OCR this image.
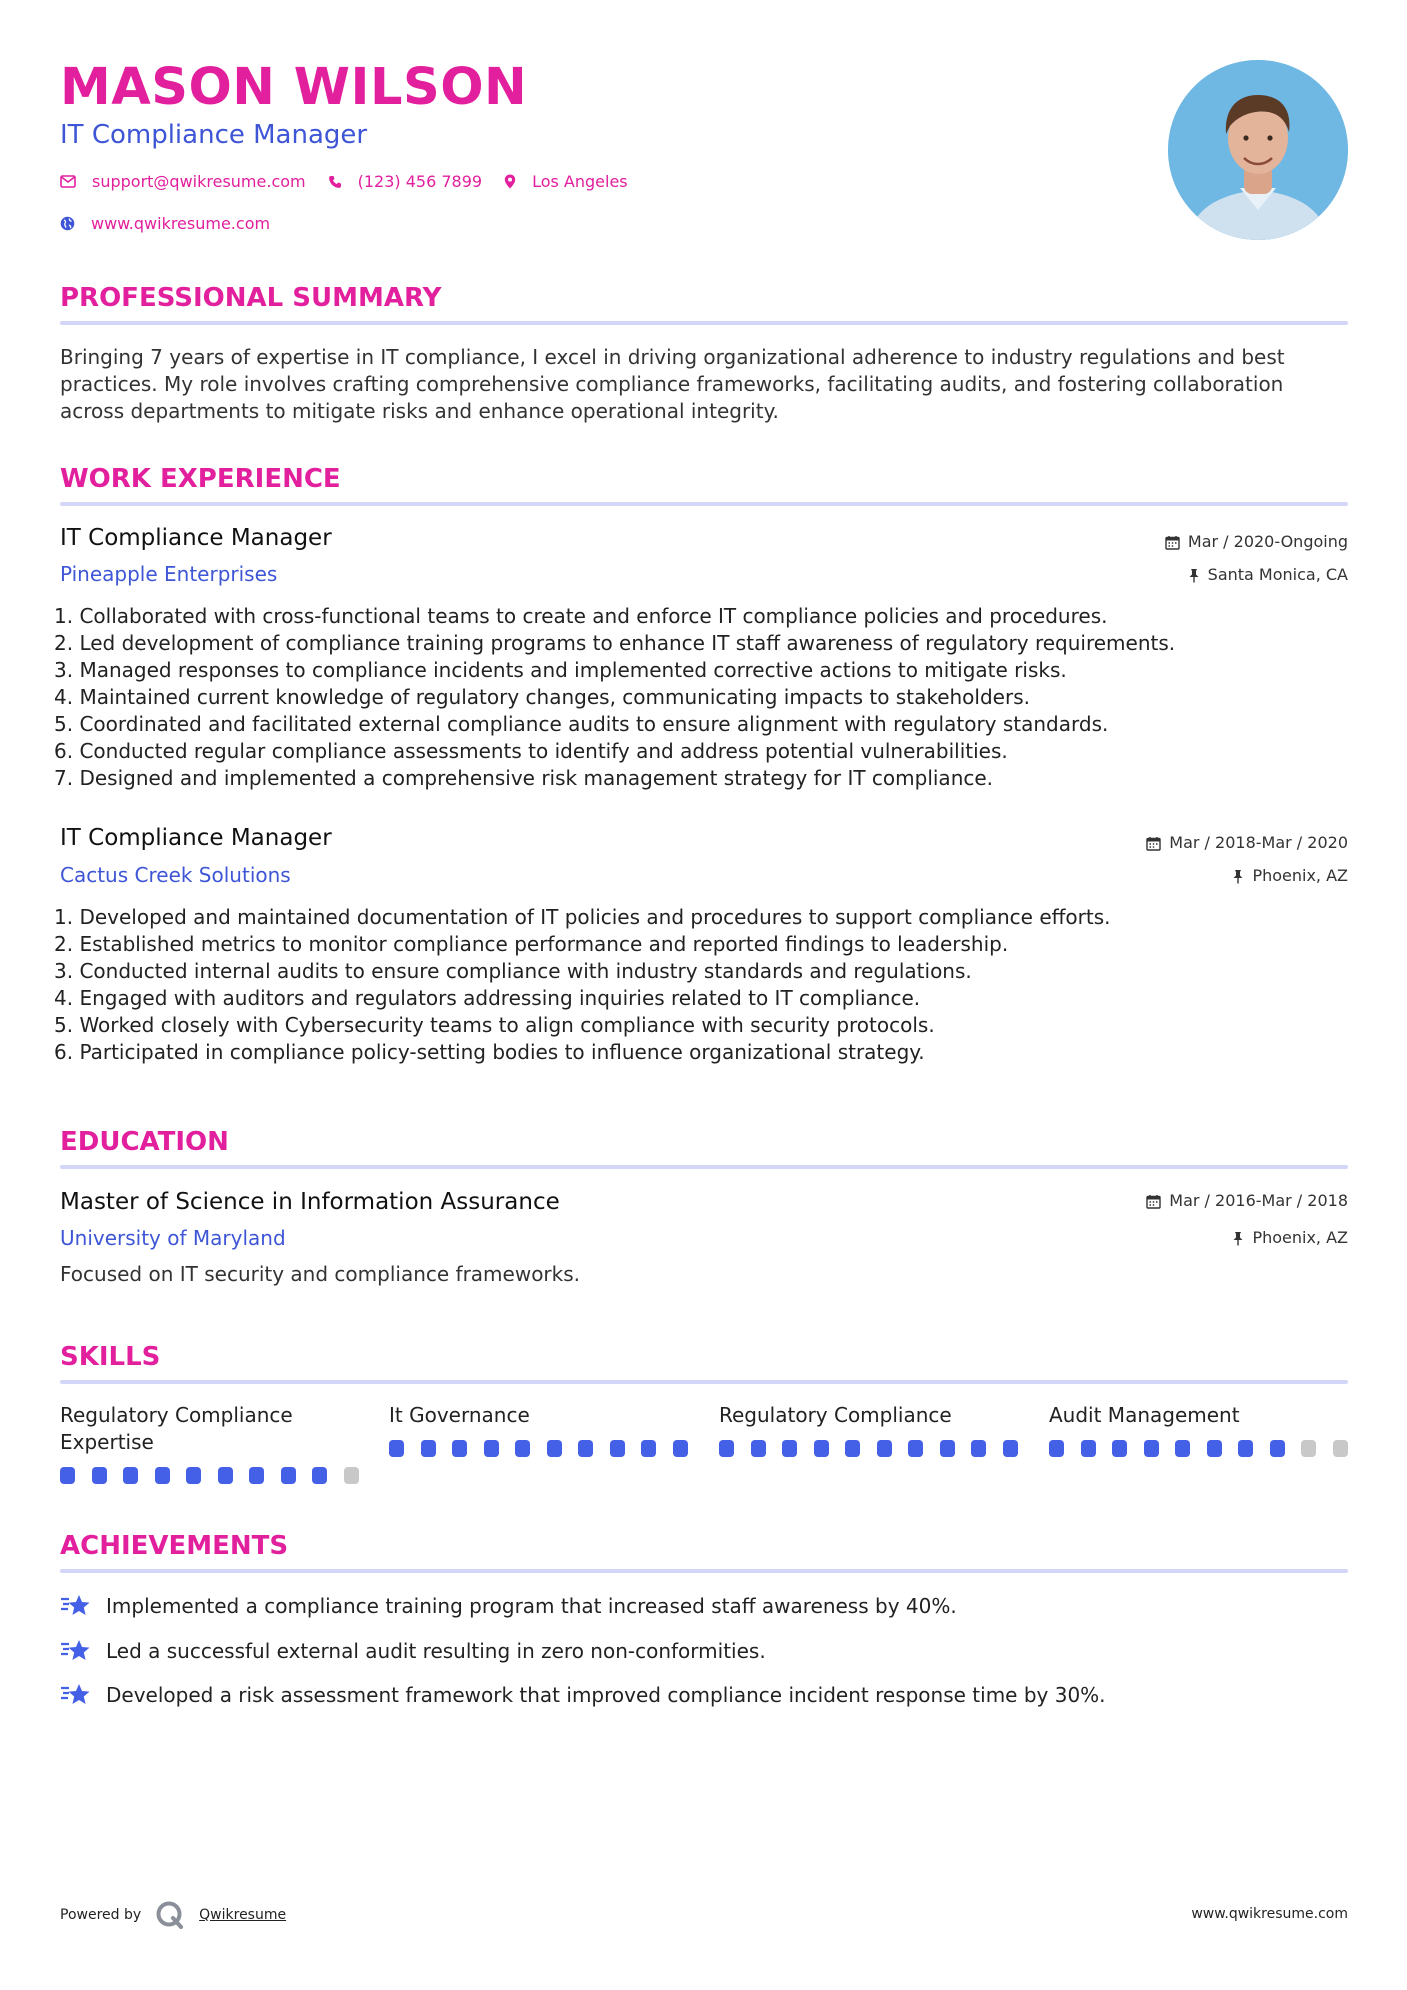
MASON WILSON
IT Compliance Manager
support@qwikresume.com	(123) 456 7899	Los Angeles
www.qwikresume.com
PROFESSIONAL SUMMARY
Bringing 7 years of expertise in IT compliance, I excel in driving organizational adherence to industry regulations and best practices. My role involves crafting comprehensive compliance frameworks, facilitating audits, and fostering collaboration across departments to mitigate risks and enhance operational integrity.
WORK EXPERIENCE
IT Compliance Manager	Mar / 2020-Ongoing
Pineapple Enterprises	Santa Monica, CA
1. Collaborated with cross-functional teams to create and enforce IT compliance policies and procedures.
2. Led development of compliance training programs to enhance IT staff awareness of regulatory requirements.
3. Managed responses to compliance incidents and implemented corrective actions to mitigate risks.
4. Maintained current knowledge of regulatory changes, communicating impacts to stakeholders.
5. Coordinated and facilitated external compliance audits to ensure alignment with regulatory standards.
6. Conducted regular compliance assessments to identify and address potential vulnerabilities.
7. Designed and implemented a comprehensive risk management strategy for IT compliance.
IT Compliance Manager	Mar / 2018-Mar / 2020
Cactus Creek Solutions	Phoenix, AZ
1. Developed and maintained documentation of IT policies and procedures to support compliance efforts.
2. Established metrics to monitor compliance performance and reported findings to leadership.
3. Conducted internal audits to ensure compliance with industry standards and regulations.
4. Engaged with auditors and regulators addressing inquiries related to IT compliance.
5. Worked closely with Cybersecurity teams to align compliance with security protocols.
6. Participated in compliance policy-setting bodies to influence organizational strategy.
EDUCATION
Master of Science in Information Assurance	Mar / 2016-Mar / 2018
University of Maryland	Phoenix, AZ
Focused on IT security and compliance frameworks.
SKILLS
Regulatory Compliance Expertise
It Governance	Regulatory Compliance	Audit Management
ACHIEVEMENTS
Implemented a compliance training program that increased staff awareness by 40%.
Led a successful external audit resulting in zero non-conformities.
Developed a risk assessment framework that improved compliance incident response time by 30%.
Powered by	Qwikresume	www.qwikresume.com
